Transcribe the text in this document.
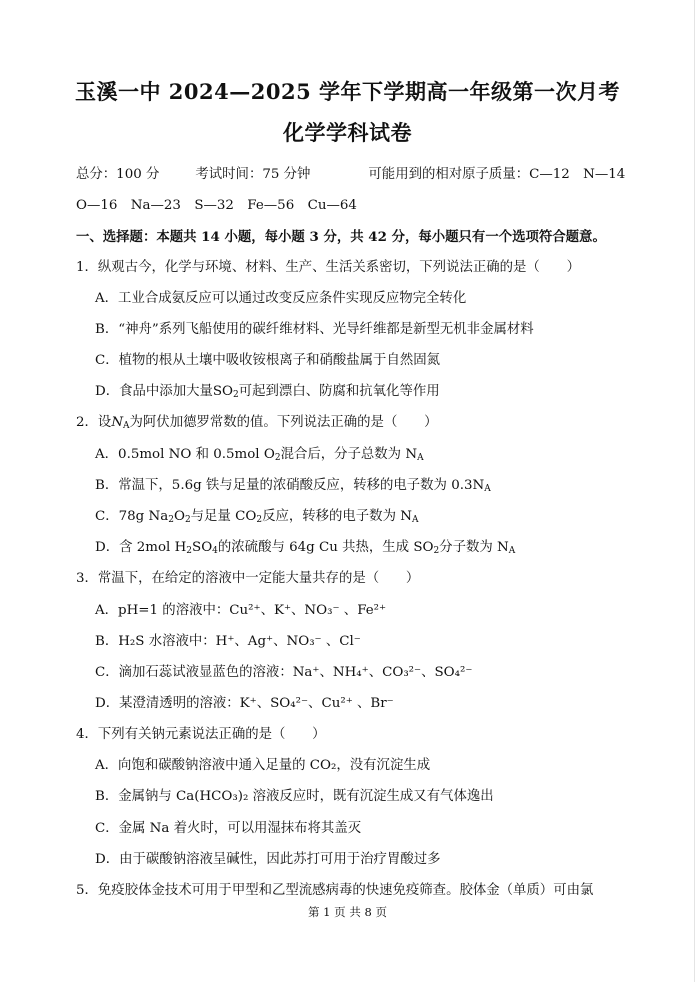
玉溪一中 2024—2025 学年下学期高一年级第一次月考
化学学科试卷
总分：100 分	考试时间：75 分钟	可能用到的相对原子质量：C—12　N—14
O—16　Na—23　S—32　Fe—56　Cu—64
一、选择题：本题共 14 小题，每小题 3 分，共 42 分，每小题只有一个选项符合题意。
1．纵观古今，化学与环境、材料、生产、生活关系密切，下列说法正确的是（　　）
A．工业合成氨反应可以通过改变反应条件实现反应物完全转化
B．“神舟”系列飞船使用的碳纤维材料、光导纤维都是新型无机非金属材料
C．植物的根从土壤中吸收铵根离子和硝酸盐属于自然固氮
D．食品中添加大量$SO_2$可起到漂白、防腐和抗氧化等作用
2．设$N_A$为阿伏加德罗常数的值。下列说法正确的是（　　）
A．0.5mol NO 和 0.5mol $O_2$混合后，分子总数为 $N_A$
B．常温下，5.6g 铁与足量的浓硝酸反应，转移的电子数为 $0.3N_A$
C．78g $Na_2O_2$与足量 $CO_2$反应，转移的电子数为 $N_A$
D．含 2mol $H_2SO_4$的浓硫酸与 64g Cu 共热，生成 $SO_2$分子数为 $N_A$
3．常温下，在给定的溶液中一定能大量共存的是（　　）
A．pH=1 的溶液中：Cu²⁺、K⁺、NO₃⁻ 、Fe²⁺
B．H₂S 水溶液中：H⁺、Ag⁺、NO₃⁻ 、Cl⁻
C．滴加石蕊试液显蓝色的溶液：Na⁺、NH₄⁺、CO₃²⁻、SO₄²⁻
D．某澄清透明的溶液：K⁺、SO₄²⁻、Cu²⁺ 、Br⁻
4．下列有关钠元素说法正确的是（　　）
A．向饱和碳酸钠溶液中通入足量的 CO₂，没有沉淀生成
B．金属钠与 Ca(HCO₃)₂ 溶液反应时，既有沉淀生成又有气体逸出
C．金属 Na 着火时，可以用湿抹布将其盖灭
D．由于碳酸钠溶液呈碱性，因此苏打可用于治疗胃酸过多
5．免疫胶体金技术可用于甲型和乙型流感病毒的快速免疫筛查。胶体金（单质）可由氯
第 1 页 共 8 页
